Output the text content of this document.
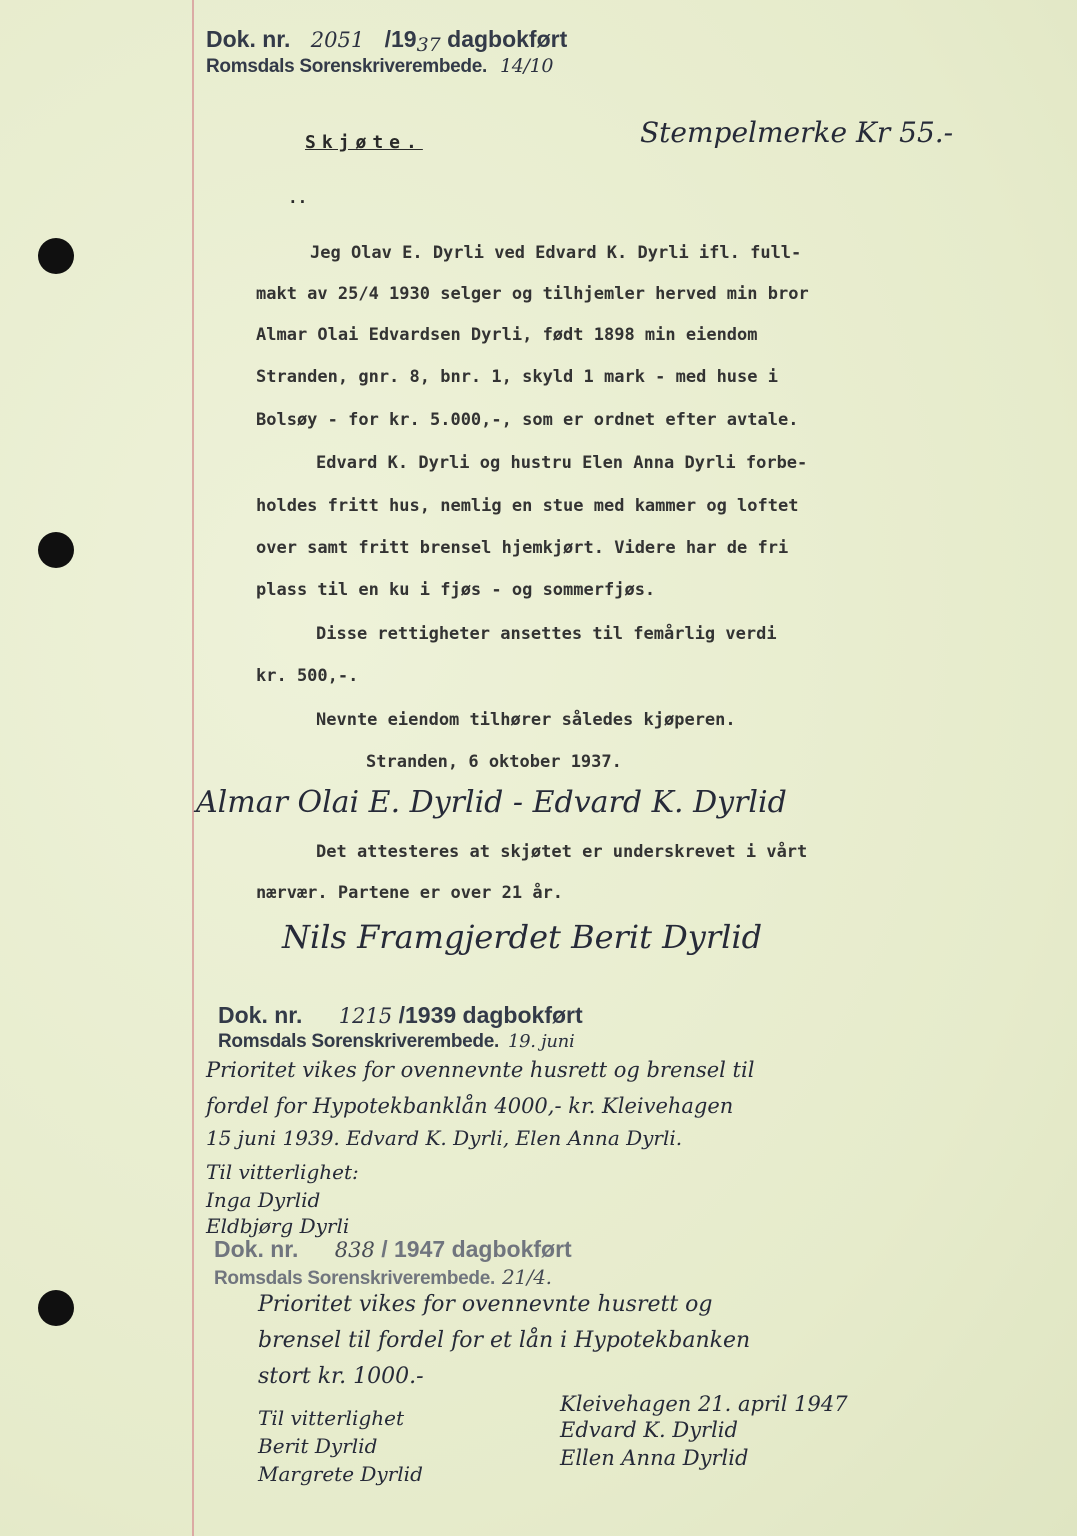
Dok. nr. 2051 /1937 dagbokført
Romsdals Sorenskriverembede. 14/10
Skjøte.	Stempelmerke Kr 55.-
..
Jeg Olav E. Dyrli ved Edvard K. Dyrli ifl. full-
makt av 25/4 1930 selger og tilhjemler herved min bror
Almar Olai Edvardsen Dyrli, født 1898 min eiendom
Stranden, gnr. 8, bnr. 1, skyld 1 mark - med huse i
Bolsøy - for kr. 5.000,-, som er ordnet efter avtale.
Edvard K. Dyrli og hustru Elen Anna Dyrli forbe-
holdes fritt hus, nemlig en stue med kammer og loftet
over samt fritt brensel hjemkjørt. Videre har de fri
plass til en ku i fjøs - og sommerfjøs.
Disse rettigheter ansettes til femårlig verdi
kr. 500,-.
Nevnte eiendom tilhører således kjøperen.
Stranden, 6 oktober 1937.
Det attesteres at skjøtet er underskrevet i vårt
nærvær. Partene er over 21 år.
Almar Olai E. Dyrlid - Edvard K. Dyrlid
Nils Framgjerdet Berit Dyrlid
Dok. nr. 1215 /1939 dagbokført
Romsdals Sorenskriverembede. 19. juni
Prioritet vikes for ovennevnte husrett og brensel til
fordel for Hypotekbanklån 4000,- kr. Kleivehagen
15 juni 1939. Edvard K. Dyrli, Elen Anna Dyrli.
Til vitterlighet:
Inga Dyrlid
Eldbjørg Dyrli
Dok. nr. 838 / 1947 dagbokført
Romsdals Sorenskriverembede. 21/4.
Prioritet vikes for ovennevnte husrett og
brensel til fordel for et lån i Hypotekbanken
stort kr. 1000.-
Kleivehagen 21. april 1947
Edvard K. Dyrlid
Ellen Anna Dyrlid
Til vitterlighet
Berit Dyrlid
Margrete Dyrlid
